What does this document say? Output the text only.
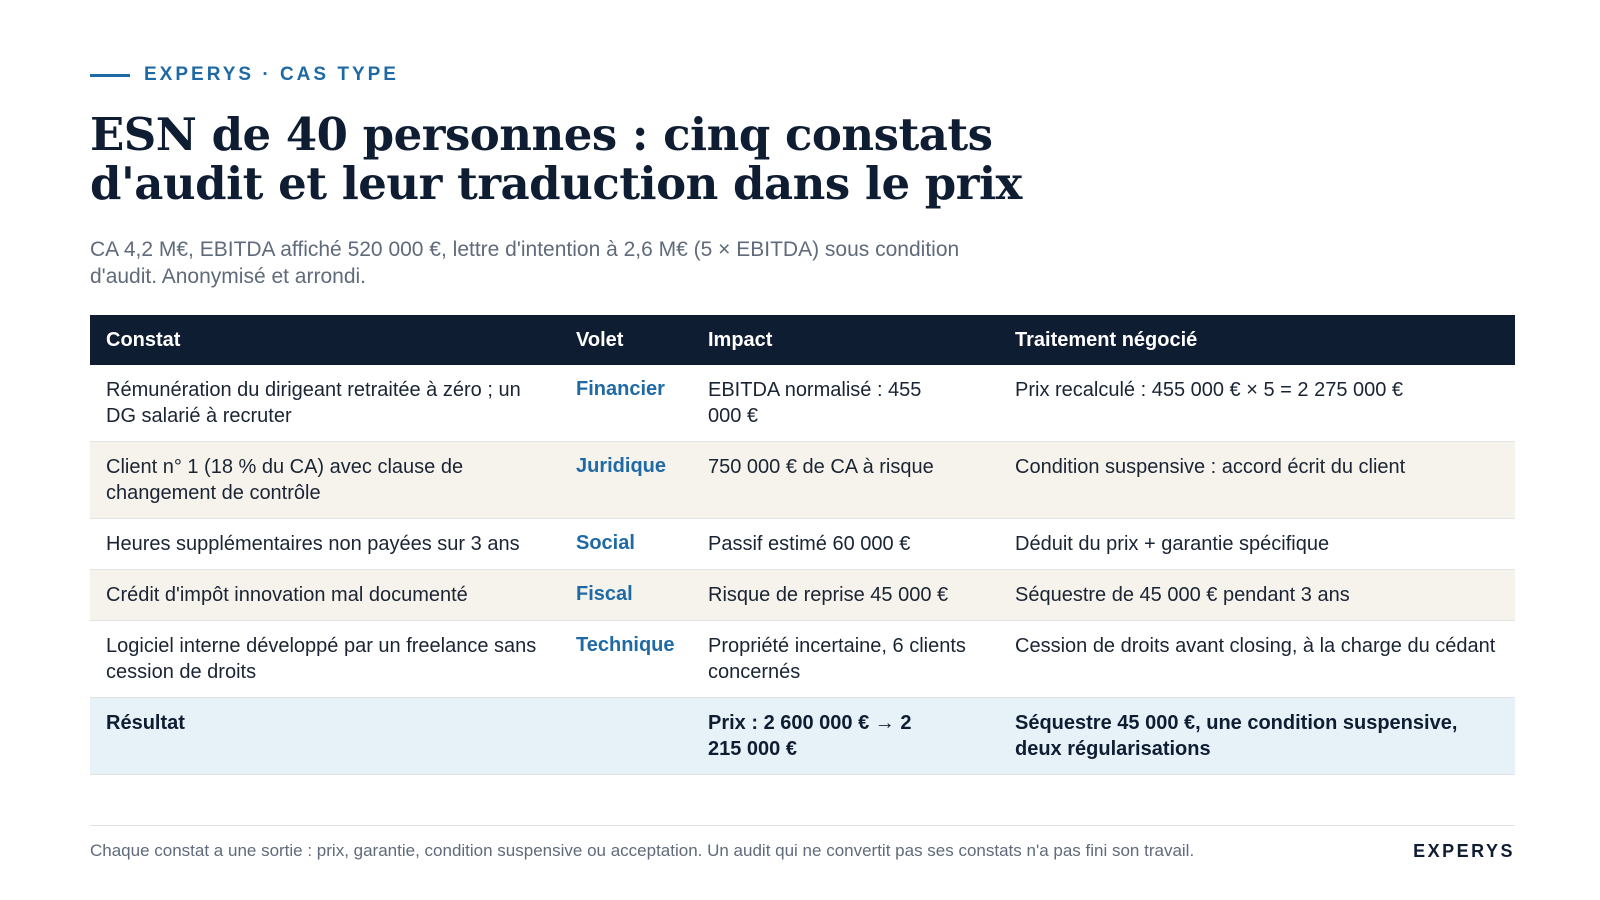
EXPERYS · CAS TYPE
ESN de 40 personnes : cinq constats d'audit et leur traduction dans le prix

CA 4,2 M€, EBITDA affiché 520 000 €, lettre d'intention à 2,6 M€ (5 × EBITDA) sous condition d'audit. Anonymisé et arrondi.

Constat	Volet	Impact	Traitement négocié
Rémunération du dirigeant retraitée à zéro ; un DG salarié à recruter	Financier	EBITDA normalisé : 455 000 €	Prix recalculé : 455 000 € × 5 = 2 275 000 €
Client n° 1 (18 % du CA) avec clause de changement de contrôle	Juridique	750 000 € de CA à risque	Condition suspensive : accord écrit du client
Heures supplémentaires non payées sur 3 ans	Social	Passif estimé 60 000 €	Déduit du prix + garantie spécifique
Crédit d'impôt innovation mal documenté	Fiscal	Risque de reprise 45 000 €	Séquestre de 45 000 € pendant 3 ans
Logiciel interne développé par un freelance sans cession de droits	Technique	Propriété incertaine, 6 clients concernés	Cession de droits avant closing, à la charge du cédant
Résultat		Prix : 2 600 000 € → 2 215 000 €	Séquestre 45 000 €, une condition suspensive, deux régularisations
Chaque constat a une sortie : prix, garantie, condition suspensive ou acceptation. Un audit qui ne convertit pas ses constats n'a pas fini son travail.	EXPERYS
